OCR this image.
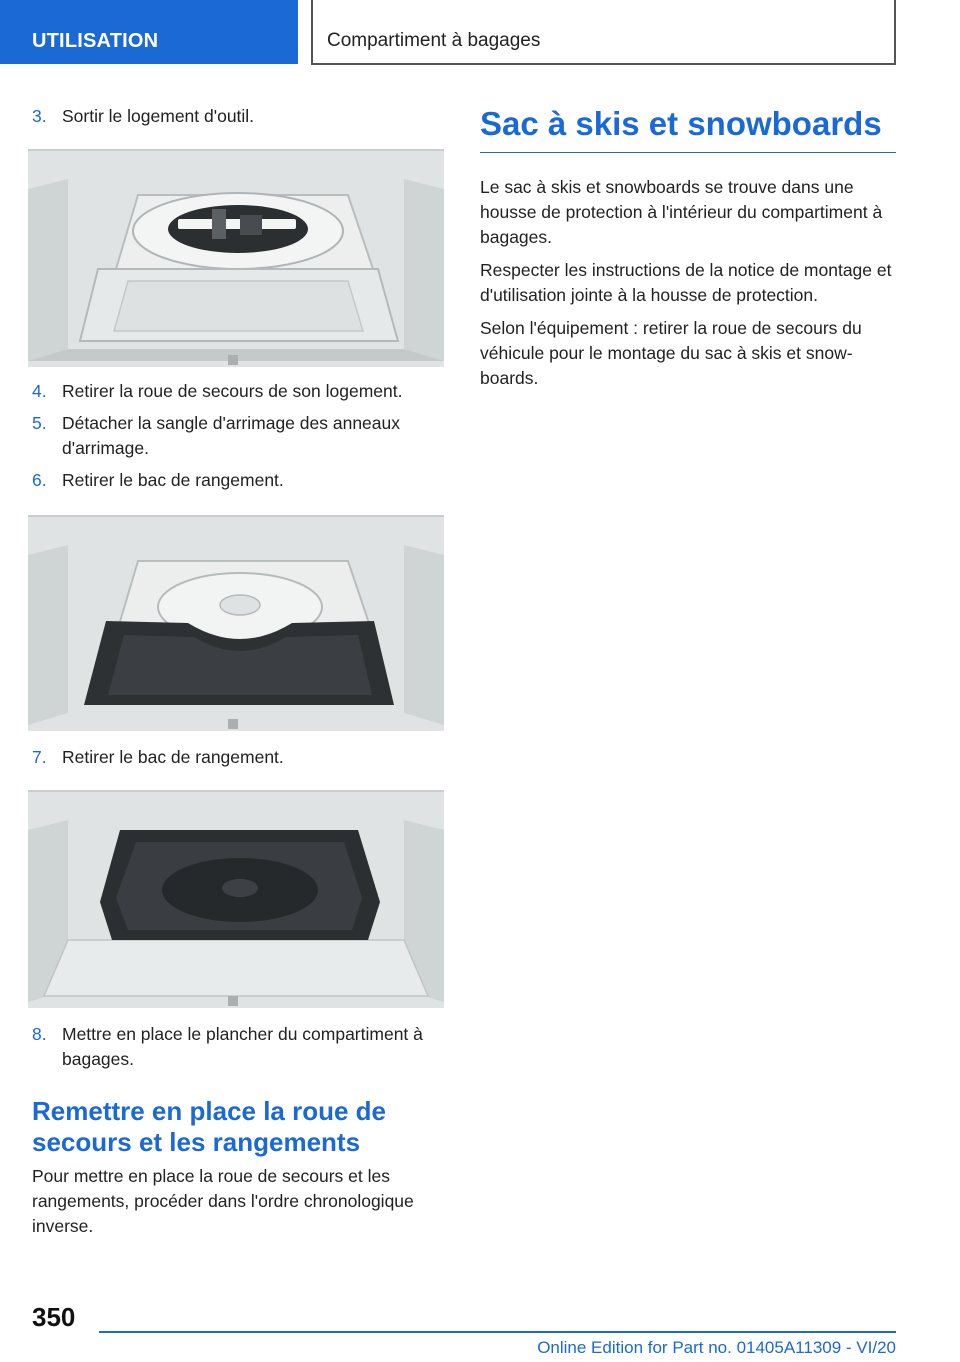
UTILISATION	Compartiment à bagages
3. Sortir le logement d'outil.
4. Retirer la roue de secours de son logement.
5. Détacher la sangle d'arrimage des anneaux d'arrimage.
6. Retirer le bac de rangement.
7. Retirer le bac de rangement.
8. Mettre en place le plancher du compartiment à bagages.
Remettre en place la roue de secours et les rangements
Pour mettre en place la roue de secours et les rangements, procéder dans l'ordre chronologique inverse.
Sac à skis et snowboards
Le sac à skis et snowboards se trouve dans une housse de protection à l'intérieur du compartiment à bagages.
Respecter les instructions de la notice de montage et d'utilisation jointe à la housse de protection.
Selon l'équipement : retirer la roue de secours du véhicule pour le montage du sac à skis et snowboards.
350
Online Edition for Part no. 01405A11309 - VI/20
